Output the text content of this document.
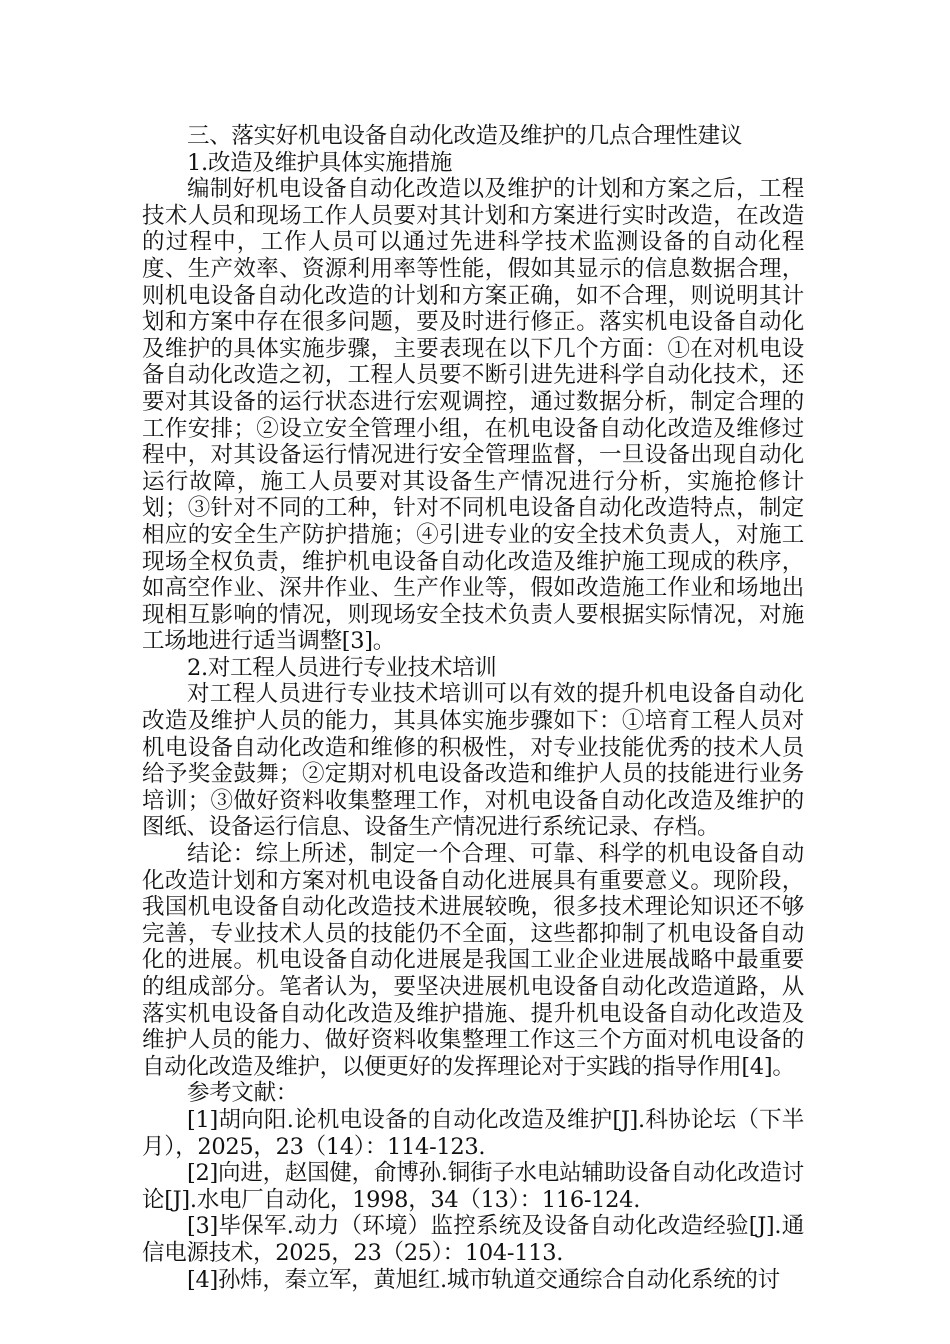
三、落实好机电设备自动化改造及维护的几点合理性建议

1.改造及维护具体实施措施

编制好机电设备自动化改造以及维护的计划和方案之后，工程技术人员和现场工作人员要对其计划和方案进行实时改造，在改造的过程中，工作人员可以通过先进科学技术监测设备的自动化程度、生产效率、资源利用率等性能，假如其显示的信息数据合理，则机电设备自动化改造的计划和方案正确，如不合理，则说明其计划和方案中存在很多问题，要及时进行修正。落实机电设备自动化及维护的具体实施步骤，主要表现在以下几个方面：①在对机电设备自动化改造之初，工程人员要不断引进先进科学自动化技术，还要对其设备的运行状态进行宏观调控，通过数据分析，制定合理的工作安排；②设立安全管理小组，在机电设备自动化改造及维修过程中，对其设备运行情况进行安全管理监督，一旦设备出现自动化运行故障，施工人员要对其设备生产情况进行分析，实施抢修计划；③针对不同的工种，针对不同机电设备自动化改造特点，制定相应的安全生产防护措施；④引进专业的安全技术负责人，对施工现场全权负责，维护机电设备自动化改造及维护施工现成的秩序，如高空作业、深井作业、生产作业等，假如改造施工作业和场地出现相互影响的情况，则现场安全技术负责人要根据实际情况，对施工场地进行适当调整[3]。

2.对工程人员进行专业技术培训

对工程人员进行专业技术培训可以有效的提升机电设备自动化改造及维护人员的能力，其具体实施步骤如下：①培育工程人员对机电设备自动化改造和维修的积极性，对专业技能优秀的技术人员给予奖金鼓舞；②定期对机电设备改造和维护人员的技能进行业务培训；③做好资料收集整理工作，对机电设备自动化改造及维护的图纸、设备运行信息、设备生产情况进行系统记录、存档。

结论：综上所述，制定一个合理、可靠、科学的机电设备自动化改造计划和方案对机电设备自动化进展具有重要意义。现阶段，我国机电设备自动化改造技术进展较晚，很多技术理论知识还不够完善，专业技术人员的技能仍不全面，这些都抑制了机电设备自动化的进展。机电设备自动化进展是我国工业企业进展战略中最重要的组成部分。笔者认为，要坚决进展机电设备自动化改造道路，从落实机电设备自动化改造及维护措施、提升机电设备自动化改造及维护人员的能力、做好资料收集整理工作这三个方面对机电设备的自动化改造及维护，以便更好的发挥理论对于实践的指导作用[4]。

参考文献：

[1]胡向阳.论机电设备的自动化改造及维护[J].科协论坛（下半月），2025，23（14）：114-123.

[2]向进，赵国健，俞博孙.铜街子水电站辅助设备自动化改造讨论[J].水电厂自动化，1998，34（13）：116-124.

[3]毕保军.动力（环境）监控系统及设备自动化改造经验[J].通信电源技术，2025，23（25）：104-113.

[4]孙炜，秦立军，黄旭红.城市轨道交通综合自动化系统的讨
